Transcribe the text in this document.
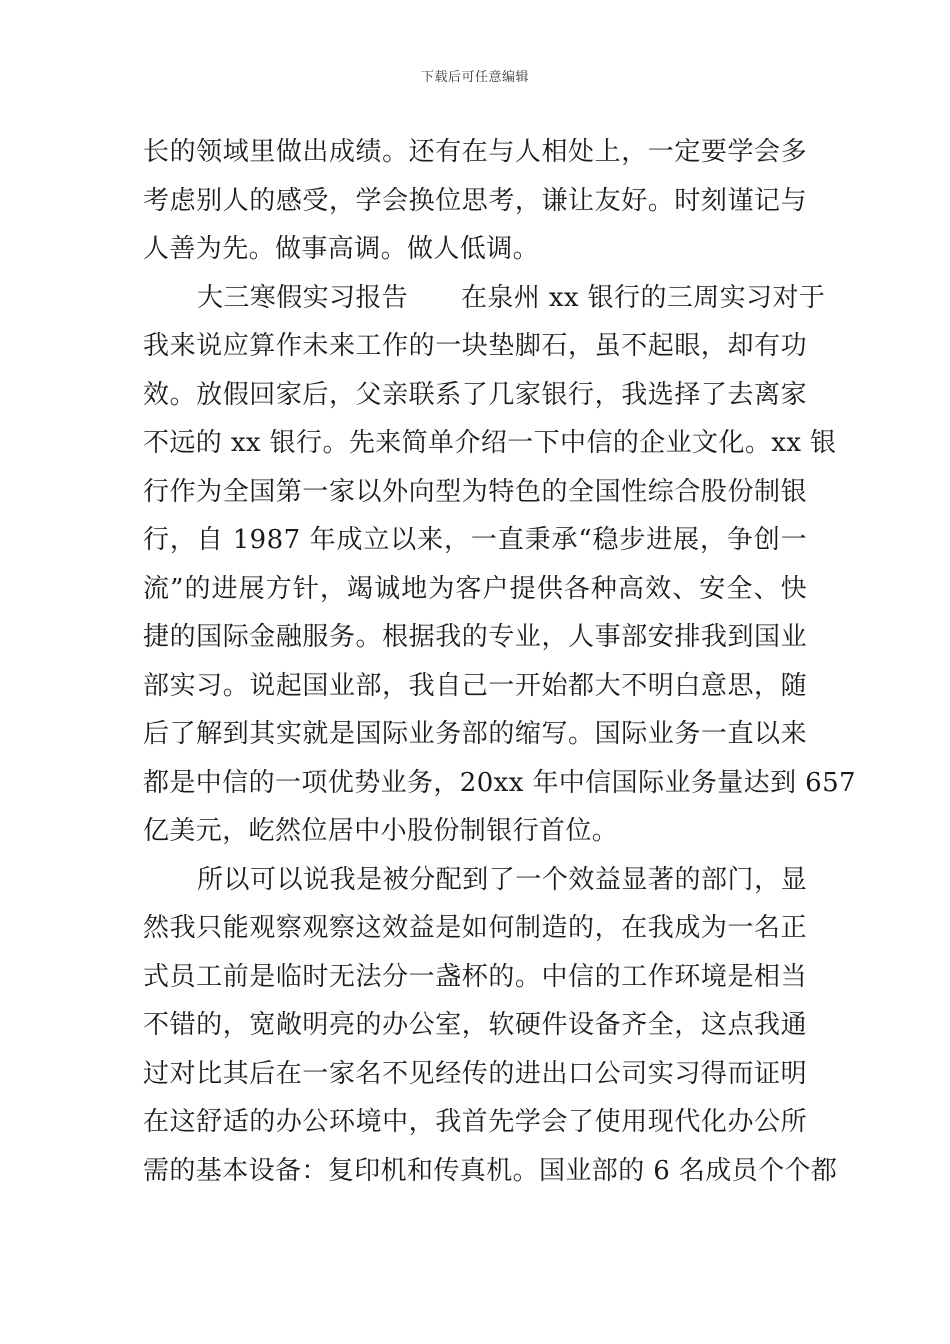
下载后可任意编辑
长的领域里做出成绩。还有在与人相处上，一定要学会多
考虑别人的感受，学会换位思考，谦让友好。时刻谨记与
人善为先。做事高调。做人低调。
大三寒假实习报告　　在泉州 xx 银行的三周实习对于
我来说应算作未来工作的一块垫脚石，虽不起眼，却有功
效。放假回家后，父亲联系了几家银行，我选择了去离家
不远的 xx 银行。先来简单介绍一下中信的企业文化。xx 银
行作为全国第一家以外向型为特色的全国性综合股份制银
行，自 1987 年成立以来，一直秉承“稳步进展，争创一
流”的进展方针，竭诚地为客户提供各种高效、安全、快
捷的国际金融服务。根据我的专业，人事部安排我到国业
部实习。说起国业部，我自己一开始都大不明白意思，随
后了解到其实就是国际业务部的缩写。国际业务一直以来
都是中信的一项优势业务，20xx 年中信国际业务量达到 657
亿美元，屹然位居中小股份制银行首位。
所以可以说我是被分配到了一个效益显著的部门，显
然我只能观察观察这效益是如何制造的，在我成为一名正
式员工前是临时无法分一盏杯的。中信的工作环境是相当
不错的，宽敞明亮的办公室，软硬件设备齐全，这点我通
过对比其后在一家名不见经传的进出口公司实习得而证明
在这舒适的办公环境中，我首先学会了使用现代化办公所
需的基本设备：复印机和传真机。国业部的 6 名成员个个都
